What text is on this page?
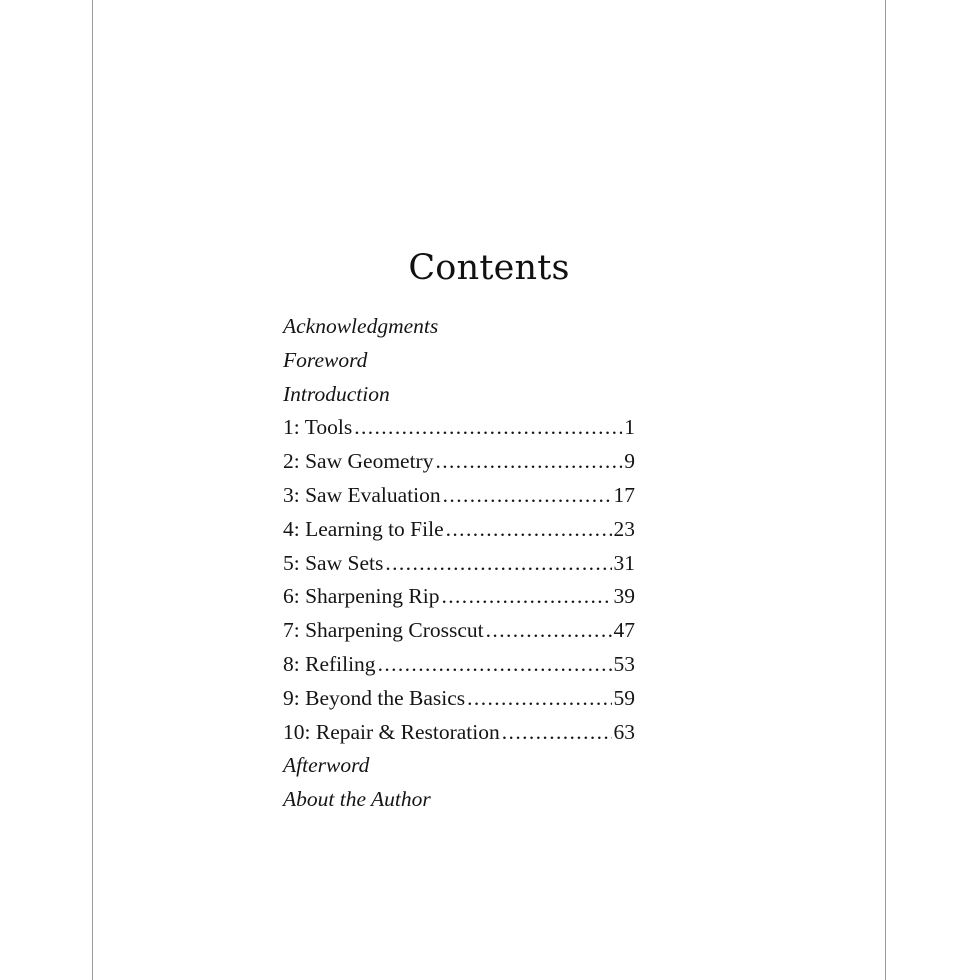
Contents
Acknowledgments
Foreword
Introduction
1: Tools .....	1
2: Saw Geometry .....	9
3: Saw Evaluation .....	17
4: Learning to File .....	23
5: Saw Sets .....	31
6: Sharpening Rip .....	39
7: Sharpening Crosscut .....	47
8: Refiling .....	53
9: Beyond the Basics .....	59
10: Repair & Restoration .....	63
Afterword
About the Author
